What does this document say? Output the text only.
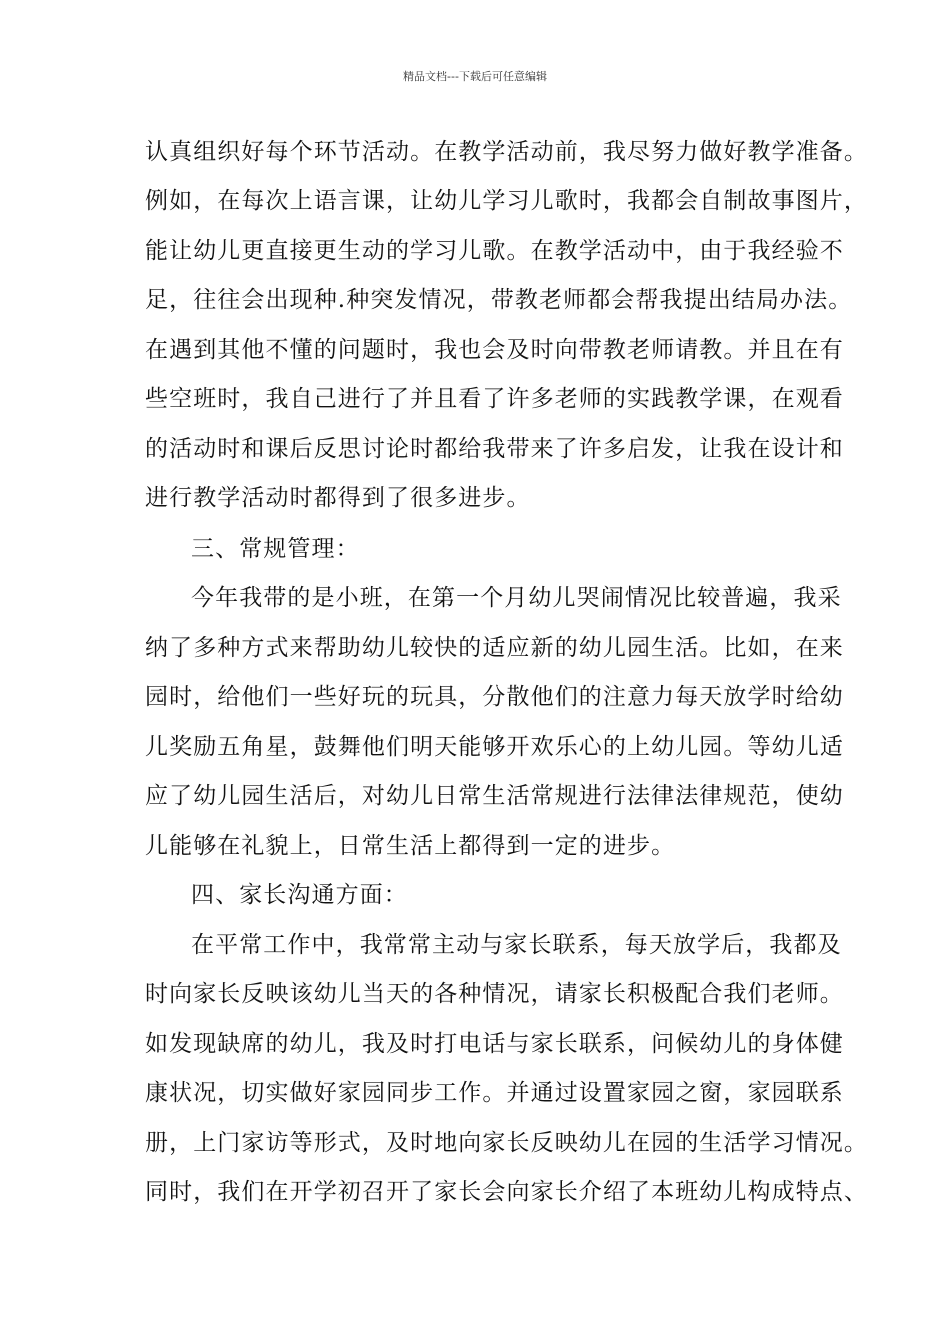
精品文档---下载后可任意编辑
认真组织好每个环节活动。在教学活动前，我尽努力做好教学准备。
例如，在每次上语言课，让幼儿学习儿歌时，我都会自制故事图片，
能让幼儿更直接更生动的学习儿歌。在教学活动中，由于我经验不
足，往往会出现种.种突发情况，带教老师都会帮我提出结局办法。
在遇到其他不懂的问题时，我也会及时向带教老师请教。并且在有
些空班时，我自己进行了并且看了许多老师的实践教学课，在观看
的活动时和课后反思讨论时都给我带来了许多启发，让我在设计和
进行教学活动时都得到了很多进步。
三、常规管理：
今年我带的是小班，在第一个月幼儿哭闹情况比较普遍，我采
纳了多种方式来帮助幼儿较快的适应新的幼儿园生活。比如，在来
园时，给他们一些好玩的玩具，分散他们的注意力每天放学时给幼
儿奖励五角星，鼓舞他们明天能够开欢乐心的上幼儿园。等幼儿适
应了幼儿园生活后，对幼儿日常生活常规进行法律法律规范，使幼
儿能够在礼貌上，日常生活上都得到一定的进步。
四、家长沟通方面：
在平常工作中，我常常主动与家长联系，每天放学后，我都及
时向家长反映该幼儿当天的各种情况，请家长积极配合我们老师。
如发现缺席的幼儿，我及时打电话与家长联系，问候幼儿的身体健
康状况，切实做好家园同步工作。并通过设置家园之窗，家园联系
册，上门家访等形式，及时地向家长反映幼儿在园的生活学习情况。
同时，我们在开学初召开了家长会向家长介绍了本班幼儿构成特点、
